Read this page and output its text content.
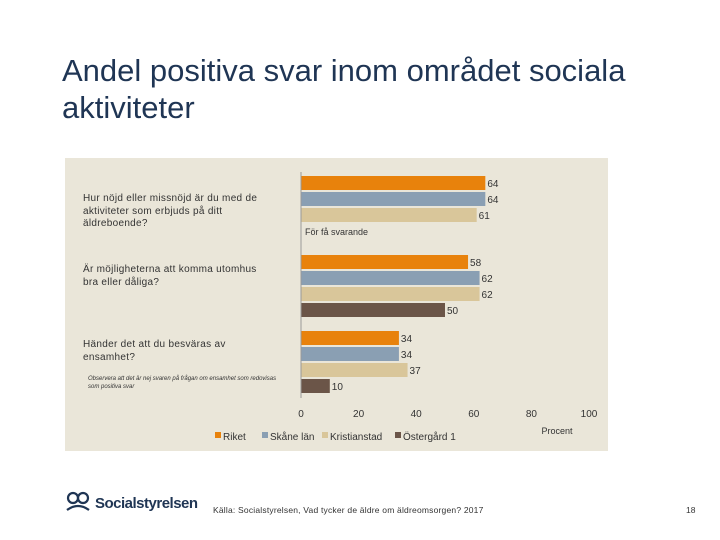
Andel positiva svar inom området sociala aktiviteter
Hur nöjd eller missnöjd är du med de aktiviteter som erbjuds på ditt äldreboende?
Är möjligheterna att komma utomhus bra eller dåliga?
Händer det att du besväras av ensamhet?
Observera att det är nej svaren på frågan om ensamhet som redovisas som positiva svar
64
64
61
58
62
62
50
34
34
37
10
0	20	40	60	80	100
Procent
För få svarande
Riket Skåne län Kristianstad Östergård 1
Socialstyrelsen Källa: Socialstyrelsen, Vad tycker de äldre om äldreomsorgen? 2017	18
